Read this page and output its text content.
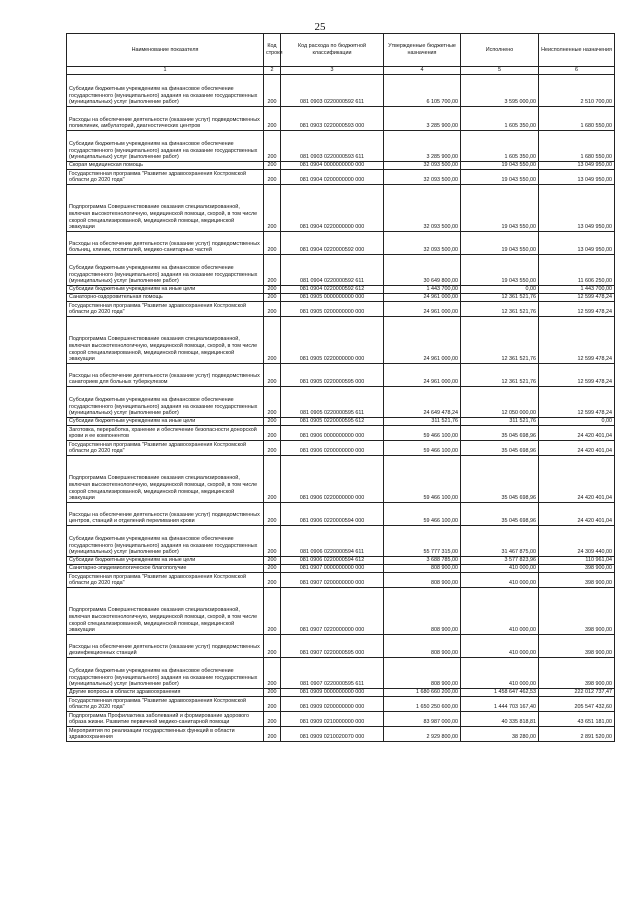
25
Наименование показателя	Код строки	Код расхода по бюджетной классификации	Утвержденные бюджетные назначения	Исполнено	Неисполненные назначения
1	2	3	4	5	6
Субсидии бюджетным учреждениям на финансовое обеспечение государственного (муниципального) задания на оказание государственных (муниципальных) услуг (выполнение работ)	200	081 0903 0220000592 611	6 105 700,00	3 595 000,00	2 510 700,00
Расходы на обеспечение деятельности (оказание услуг) подведомственных поликлиник, амбулаторий, диагностических центров	200	081 0903 0220000593 000	3 285 900,00	1 605 350,00	1 680 550,00
Субсидии бюджетным учреждениям на финансовое обеспечение государственного (муниципального) задания на оказание государственных (муниципальных) услуг (выполнение работ)	200	081 0903 0220000593 611	3 285 900,00	1 605 350,00	1 680 550,00
Скорая медицинская помощь	200	081 0904 0000000000 000	32 093 500,00	19 043 550,00	13 049 950,00
Государственная программа "Развитие здравоохранения Костромской области до 2020 года"	200	081 0904 0200000000 000	32 093 500,00	19 043 550,00	13 049 950,00
Подпрограмма Совершенствование оказания специализированной, включая высокотехнологичную, медицинской помощи, скорой, в том числе скорой специализированной, медицинской помощи, медицинской эвакуации	200	081 0904 0220000000 000	32 093 500,00	19 043 550,00	13 049 950,00
Расходы на обеспечение деятельности (оказание услуг) подведомственных больниц, клиник, госпиталей, медико-санитарных частей	200	081 0904 0220000592 000	32 093 500,00	19 043 550,00	13 049 950,00
Субсидии бюджетным учреждениям на финансовое обеспечение государственного (муниципального) задания на оказание государственных (муниципальных) услуг (выполнение работ)	200	081 0904 0220000592 611	30 649 800,00	19 043 550,00	11 606 250,00
Субсидии бюджетным учреждениям на иные цели	200	081 0904 0220000592 612	1 443 700,00	0,00	1 443 700,00
Санаторно-оздоровительная помощь	200	081 0905 0000000000 000	24 961 000,00	12 361 521,76	12 599 478,24
Государственная программа "Развитие здравоохранения Костромской области до 2020 года"	200	081 0905 0200000000 000	24 961 000,00	12 361 521,76	12 599 478,24
Подпрограмма Совершенствование оказания специализированной, включая высокотехнологичную, медицинской помощи, скорой, в том числе скорой специализированной, медицинской помощи, медицинской эвакуации	200	081 0905 0220000000 000	24 961 000,00	12 361 521,76	12 599 478,24
Расходы на обеспечение деятельности (оказание услуг) подведомственных санаториев для больных туберкулезом	200	081 0905 0220000595 000	24 961 000,00	12 361 521,76	12 599 478,24
Субсидии бюджетным учреждениям на финансовое обеспечение государственного (муниципального) задания на оказание государственных (муниципальных) услуг (выполнение работ)	200	081 0905 0220000595 611	24 649 478,24	12 050 000,00	12 599 478,24
Субсидии бюджетным учреждениям на иные цели	200	081 0905 0220000595 612	311 521,76	311 521,76	0,00
Заготовка, переработка, хранение и обеспечение безопасности донорской крови и ее компонентов	200	081 0906 0000000000 000	59 466 100,00	35 045 698,96	24 420 401,04
Государственная программа "Развитие здравоохранения Костромской области до 2020 года"	200	081 0906 0200000000 000	59 466 100,00	35 045 698,96	24 420 401,04
Подпрограмма Совершенствование оказания специализированной, включая высокотехнологичную, медицинской помощи, скорой, в том числе скорой специализированной, медицинской помощи, медицинской эвакуации	200	081 0906 0220000000 000	59 466 100,00	35 045 698,96	24 420 401,04
Расходы на обеспечение деятельности (оказание услуг) подведомственных центров, станций и отделений переливания крови	200	081 0906 0220000594 000	59 466 100,00	35 045 698,96	24 420 401,04
Субсидии бюджетным учреждениям на финансовое обеспечение государственного (муниципального) задания на оказание государственных (муниципальных) услуг (выполнение работ)	200	081 0906 0220000594 611	55 777 315,00	31 467 875,00	24 309 440,00
Субсидии бюджетным учреждениям на иные цели	200	081 0906 0220000594 612	3 688 785,00	3 577 823,96	110 961,04
Санитарно-эпидемиологическое благополучие	200	081 0907 0000000000 000	808 900,00	410 000,00	398 900,00
Государственная программа "Развитие здравоохранения Костромской области до 2020 года"	200	081 0907 0200000000 000	808 900,00	410 000,00	398 900,00
Подпрограмма Совершенствование оказания специализированной, включая высокотехнологичную, медицинской помощи, скорой, в том числе скорой специализированной, медицинской помощи, медицинской эвакуации	200	081 0907 0220000000 000	808 900,00	410 000,00	398 900,00
Расходы на обеспечение деятельности (оказание услуг) подведомственных дезинфекционных станций	200	081 0907 0220000595 000	808 900,00	410 000,00	398 900,00
Субсидии бюджетным учреждениям на финансовое обеспечение государственного (муниципального) задания на оказание государственных (муниципальных) услуг (выполнение работ)	200	081 0907 0220000595 611	808 900,00	410 000,00	398 900,00
Другие вопросы в области здравоохранения	200	081 0909 0000000000 000	1 680 660 200,00	1 458 647 462,53	222 012 737,47
Государственная программа "Развитие здравоохранения Костромской области до 2020 года"	200	081 0909 0200000000 000	1 650 250 600,00	1 444 703 167,40	205 547 432,60
Подпрограмма Профилактика заболеваний и формирование здорового образа жизни. Развитие первичной медико-санитарной помощи	200	081 0909 0210000000 000	83 987 000,00	40 335 818,81	43 651 181,00
Мероприятия по реализации государственных функций в области здравоохранения	200	081 0909 0210020070 000	2 929 800,00	38 280,00	2 891 520,00
